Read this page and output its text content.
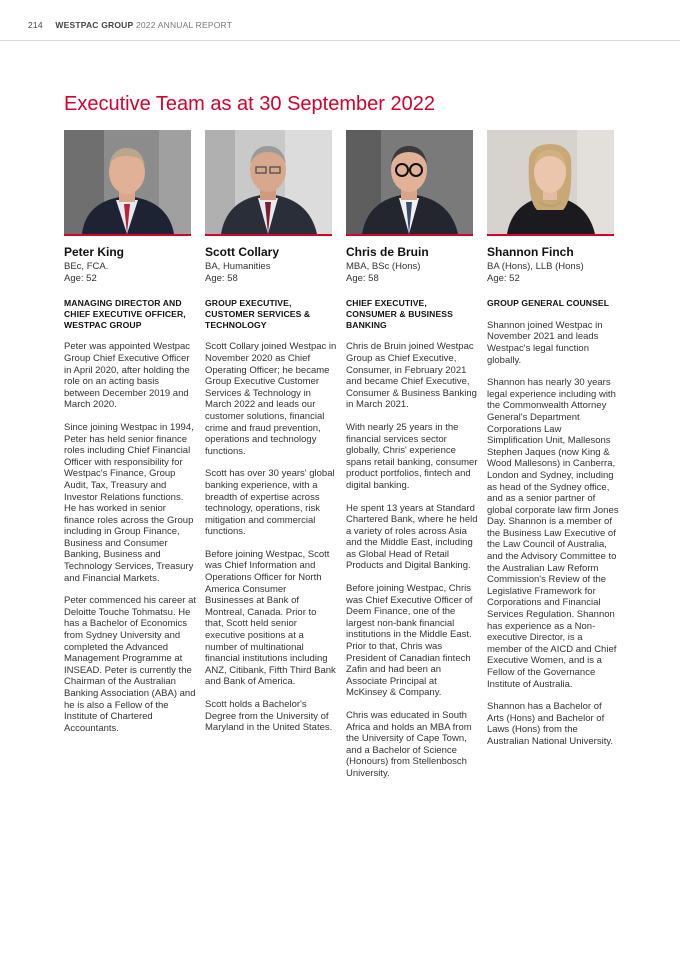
214 WESTPAC GROUP 2022 ANNUAL REPORT
Executive Team as at 30 September 2022
Peter King
BEc, FCA.
Age: 52
MANAGING DIRECTOR AND CHIEF EXECUTIVE OFFICER, WESTPAC GROUP

Peter was appointed Westpac Group Chief Executive Officer in April 2020, after holding the role on an acting basis between December 2019 and March 2020.

Since joining Westpac in 1994, Peter has held senior finance roles including Chief Financial Officer with responsibility for Westpac's Finance, Group Audit, Tax, Treasury and Investor Relations functions. He has worked in senior finance roles across the Group including in Group Finance, Business and Consumer Banking, Business and Technology Services, Treasury and Financial Markets.

Peter commenced his career at Deloitte Touche Tohmatsu. He has a Bachelor of Economics from Sydney University and completed the Advanced Management Programme at INSEAD. Peter is currently the Chairman of the Australian Banking Association (ABA) and he is also a Fellow of the Institute of Chartered Accountants.

Scott Collary
BA, Humanities
Age: 58
GROUP EXECUTIVE, CUSTOMER SERVICES & TECHNOLOGY

Scott Collary joined Westpac in November 2020 as Chief Operating Officer; he became Group Executive Customer Services & Technology in March 2022 and leads our customer solutions, financial crime and fraud prevention, operations and technology functions.

Scott has over 30 years' global banking experience, with a breadth of expertise across technology, operations, risk mitigation and commercial functions.

Before joining Westpac, Scott was Chief Information and Operations Officer for North America Consumer Businesses at Bank of Montreal, Canada. Prior to that, Scott held senior executive positions at a number of multinational financial institutions including ANZ, Citibank, Fifth Third Bank and Bank of America.

Scott holds a Bachelor's Degree from the University of Maryland in the United States.

Chris de Bruin
MBA, BSc (Hons)
Age: 58
CHIEF EXECUTIVE, CONSUMER & BUSINESS BANKING

Chris de Bruin joined Westpac Group as Chief Executive, Consumer, in February 2021 and became Chief Executive, Consumer & Business Banking in March 2021.

With nearly 25 years in the financial services sector globally, Chris' experience spans retail banking, consumer product portfolios, fintech and digital banking.

He spent 13 years at Standard Chartered Bank, where he held a variety of roles across Asia and the Middle East, including as Global Head of Retail Products and Digital Banking.

Before joining Westpac, Chris was Chief Executive Officer of Deem Finance, one of the largest non-bank financial institutions in the Middle East. Prior to that, Chris was President of Canadian fintech Zafin and had been an Associate Principal at McKinsey & Company.

Chris was educated in South Africa and holds an MBA from the University of Cape Town, and a Bachelor of Science (Honours) from Stellenbosch University.

Shannon Finch
BA (Hons), LLB (Hons)
Age: 52
GROUP GENERAL COUNSEL

Shannon joined Westpac in November 2021 and leads Westpac's legal function globally.

Shannon has nearly 30 years legal experience including with the Commonwealth Attorney General's Department Corporations Law Simplification Unit, Mallesons Stephen Jaques (now King & Wood Mallesons) in Canberra, London and Sydney, including as head of the Sydney office, and as a senior partner of global corporate law firm Jones Day. Shannon is a member of the Business Law Executive of the Law Council of Australia, and the Advisory Committee to the Australian Law Reform Commission's Review of the Legislative Framework for Corporations and Financial Services Regulation. Shannon has experience as a Non-executive Director, is a member of the AICD and Chief Executive Women, and is a Fellow of the Governance Institute of Australia.

Shannon has a Bachelor of Arts (Hons) and Bachelor of Laws (Hons) from the Australian National University.
